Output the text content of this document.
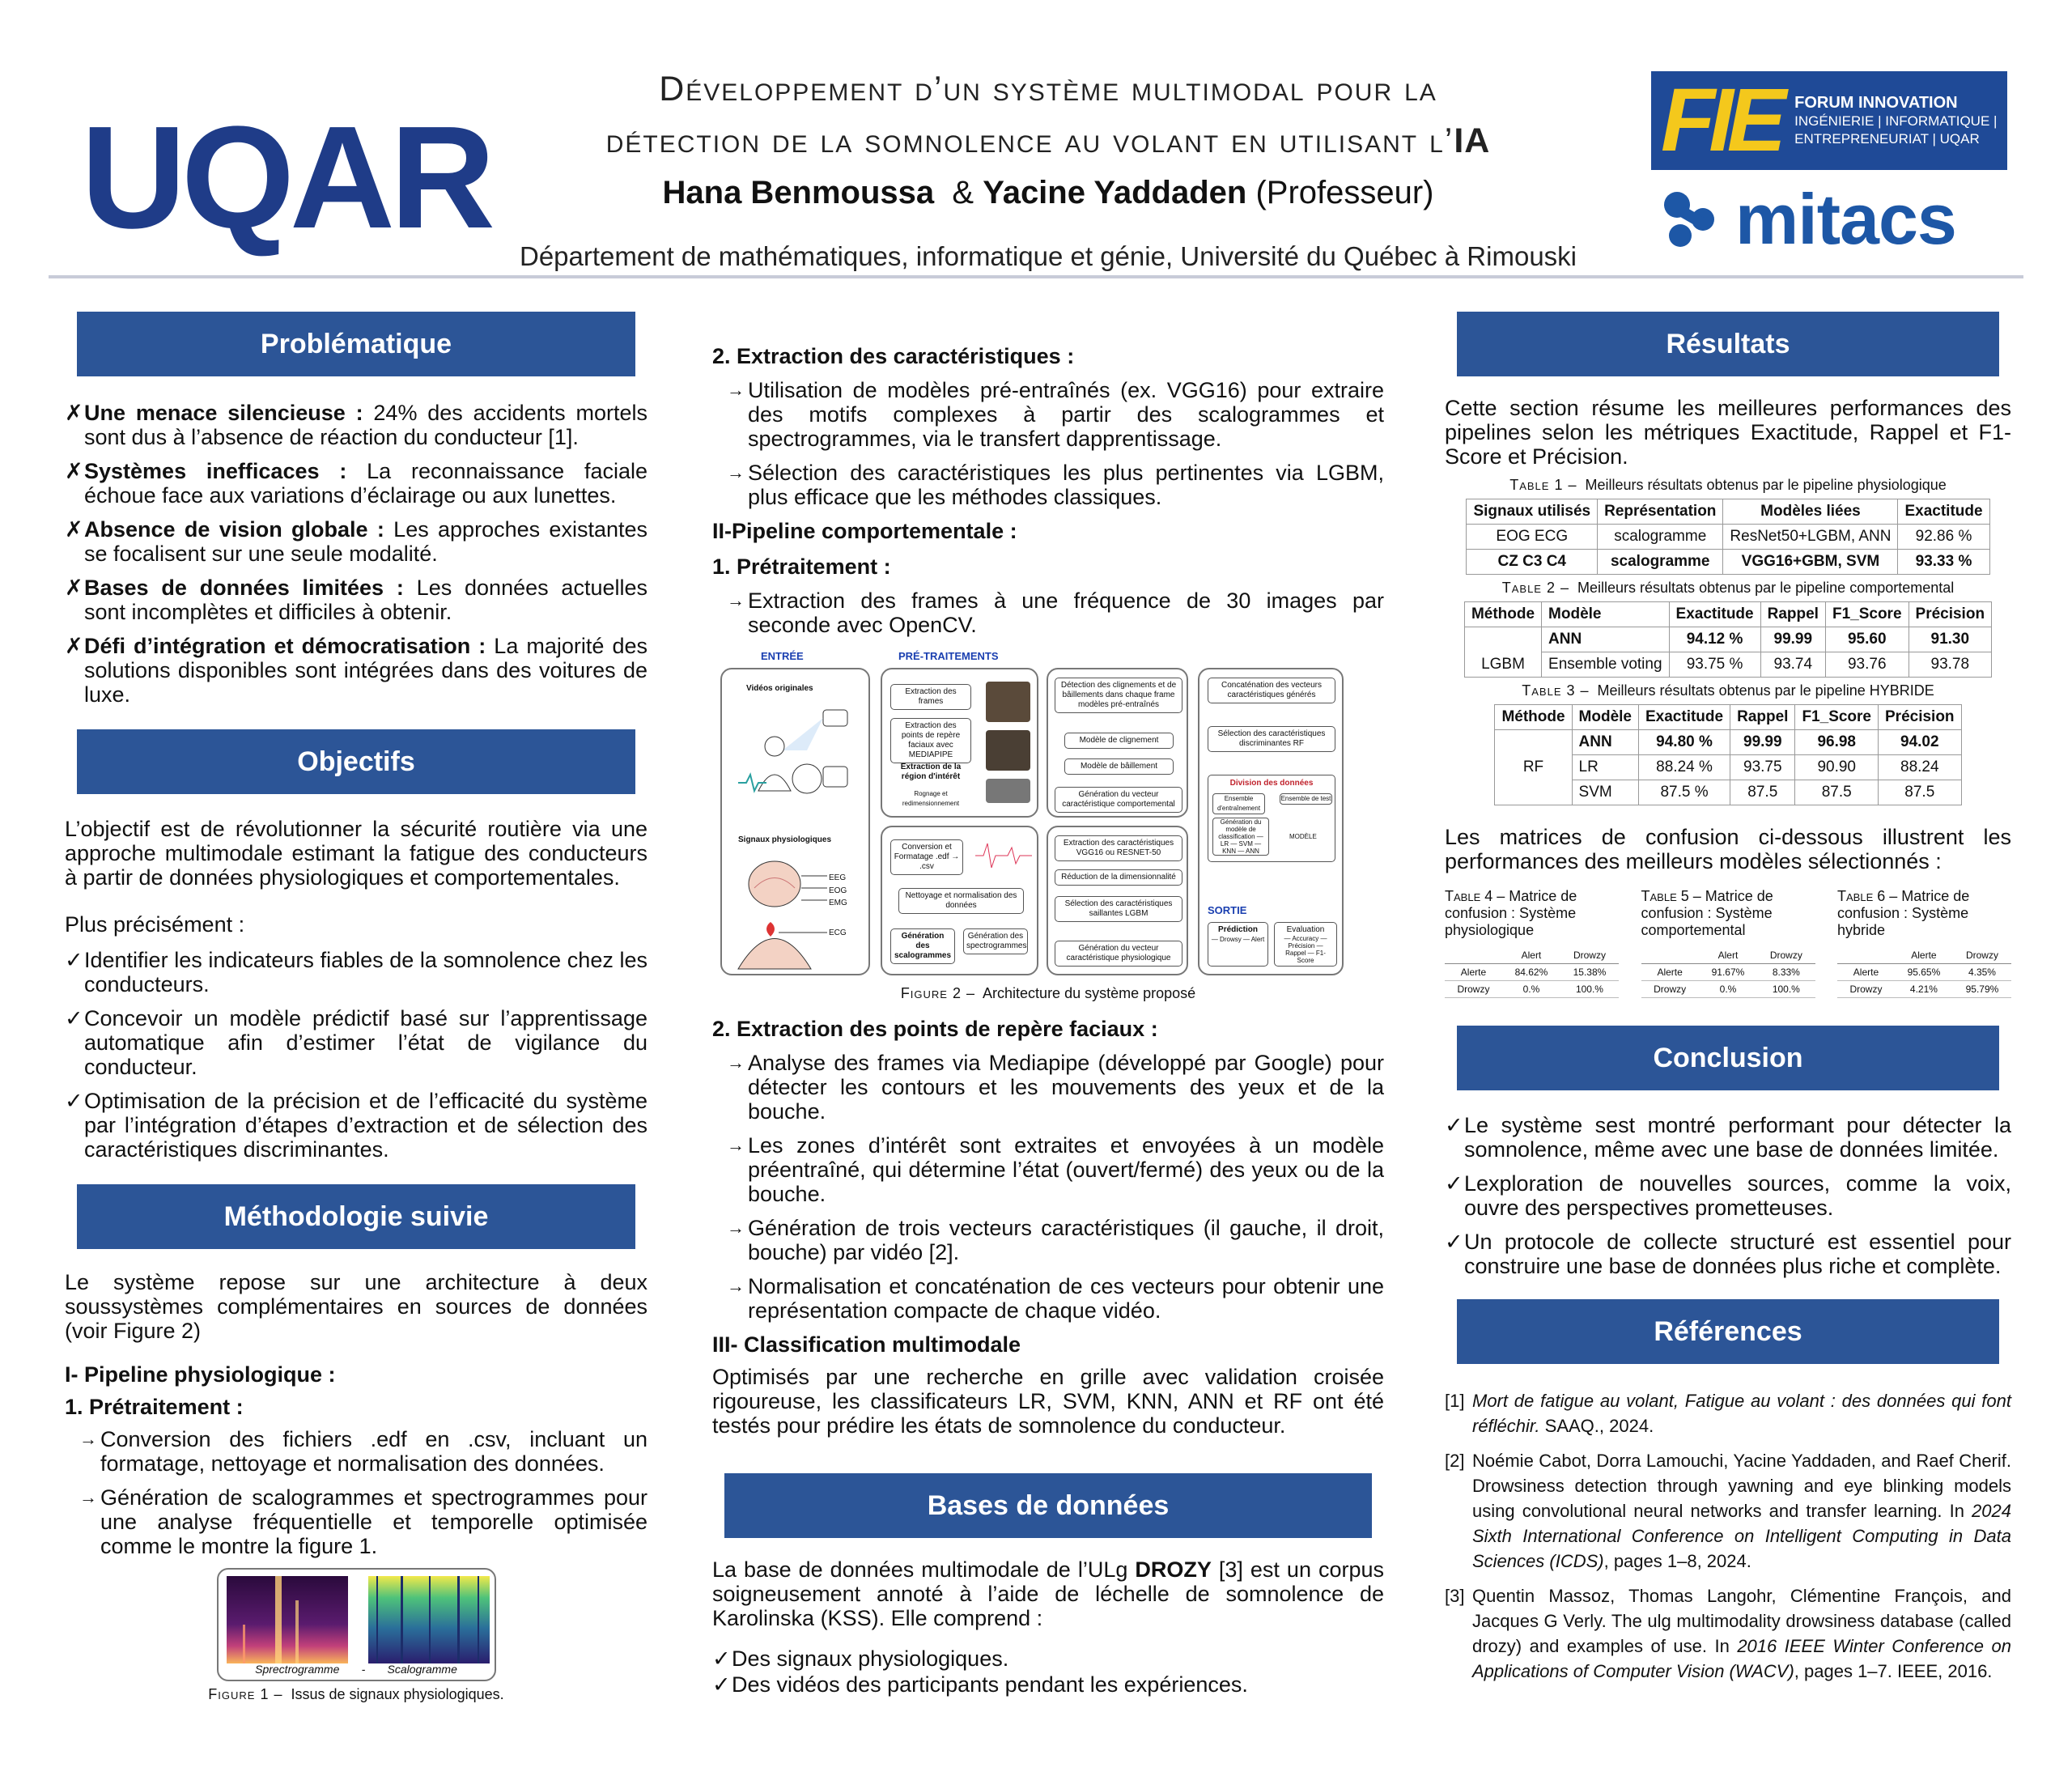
UQAR
Développement d’un système multimodal pour la
détection de la somnolence au volant en utilisant l’IA
Hana Benmoussa & Yacine Yaddaden (Professeur)
Département de mathématiques, informatique et génie, Université du Québec à Rimouski
FIE FORUM INNOVATION
INGÉNIERIE | INFORMATIQUE |
ENTREPRENEURIAT | UQAR
mitacs
Problématique
✗Une menace silencieuse : 24% des accidents mortels sont dus à l’absence de réaction du conducteur [1].
✗Systèmes inefficaces : La reconnaissance faciale échoue face aux variations d’éclairage ou aux lunettes.
✗Absence de vision globale : Les approches existantes se focalisent sur une seule modalité.
✗Bases de données limitées : Les données actuelles sont incomplètes et difficiles à obtenir.
✗Défi d’intégration et démocratisation : La majorité des solutions disponibles sont intégrées dans des voitures de luxe.
Objectifs

L’objectif est de révolutionner la sécurité routière via une approche multimodale estimant la fatigue des conducteurs à partir de données physiologiques et comportementales.

Plus précisément :

✓Identifier les indicateurs fiables de la somnolence chez les conducteurs.
✓Concevoir un modèle prédictif basé sur l’apprentissage automatique afin d’estimer l’état de vigilance du conducteur.
✓Optimisation de la précision et de l’efficacité du système par l’intégration d’étapes d’extraction et de sélection des caractéristiques discriminantes.
Méthodologie suivie

Le système repose sur une architecture à deux soussystèmes complémentaires en sources de données (voir Figure 2)

I- Pipeline physiologique :

1. Prétraitement :

→ Conversion des fichiers .edf en .csv, incluant un formatage, nettoyage et normalisation des données.
→ Génération de scalogrammes et spectrogrammes pour une analyse fréquentielle et temporelle optimisée comme le montre la figure 1.
Sprectrogramme - Scalogramme

Figure 1 – Issus de signaux physiologiques.

2. Extraction des caractéristiques :

→ Utilisation de modèles pré-entraînés (ex. VGG16) pour extraire des motifs complexes à partir des scalogrammes et spectrogrammes, via le transfert dapprentissage.
→ Sélection des caractéristiques les plus pertinentes via LGBM, plus efficace que les méthodes classiques.

II-Pipeline comportementale :

1. Prétraitement :

→ Extraction des frames à une fréquence de 30 images par seconde avec OpenCV.
ENTRÉE	PRÉ-TRAITEMENTS
Vidéos originales
Signaux physiologiques
EEG
EOG
EMG
ECG
Extraction des frames
Extraction des points de repère faciaux avec MEDIAPIPE
Extraction de la région d'intérêt
Rognage et redimensionnement
Conversion et Formatage .edf → .csv
Nettoyage et normalisation des données
Génération des scalogrammes
Génération des spectrogrammes
Détection des clignements et de bâillements dans chaque frame modèles pré-entraînés
Modèle de clignement
Modèle de bâillement
Génération du vecteur caractéristique comportemental
Extraction des caractéristiques VGG16 ou RESNET-50
Réduction de la dimensionnalité
Sélection des caractéristiques saillantes LGBM
Génération du vecteur caractéristique physiologique
Concaténation des vecteurs caractéristiques générés
Sélection des caractéristiques discriminantes RF
Division des données
Ensemble d'entraînement
Ensemble de test
Génération du modèle de classification — LR — SVM — KNN — ANN
MODÈLE
SORTIE
Prédiction
— Drowsy — Alert
Evaluation
— Accuracy — Précision — Rappel — F1-Score

Figure 2 – Architecture du système proposé

2. Extraction des points de repère faciaux :

→ Analyse des frames via Mediapipe (développé par Google) pour détecter les contours et les mouvements des yeux et de la bouche.
→ Les zones d’intérêt sont extraites et envoyées à un modèle préentraîné, qui détermine l’état (ouvert/fermé) des yeux ou de la bouche.
→ Génération de trois vecteurs caractéristiques (il gauche, il droit, bouche) par vidéo [2].
→ Normalisation et concaténation de ces vecteurs pour obtenir une représentation compacte de chaque vidéo.

III- Classification multimodale

Optimisés par une recherche en grille avec validation croisée rigoureuse, les classificateurs LR, SVM, KNN, ANN et RF ont été testés pour prédire les états de somnolence du conducteur.

Bases de données

La base de données multimodale de l’ULg DROZY [3] est un corpus soigneusement annoté à l’aide de léchelle de somnolence de Karolinska (KSS). Elle comprend :

✓Des signaux physiologiques.
✓Des vidéos des participants pendant les expériences.
Résultats

Cette section résume les meilleures performances des pipelines selon les métriques Exactitude, Rappel et F1-Score et Précision.

Table 1 – Meilleurs résultats obtenus par le pipeline physiologique

Signaux utilisés	Représentation	Modèles liées	Exactitude
EOG ECG	scalogramme	ResNet50+LGBM, ANN	92.86 %
CZ C3 C4	scalogramme	VGG16+GBM, SVM	93.33 %

Table 2 – Meilleurs résultats obtenus par le pipeline comportemental

Méthode	Modèle	Exactitude	Rappel	F1_Score	Précision
LGBM	ANN	94.12 %	99.99	95.60	91.30
	Ensemble voting	93.75 %	93.74	93.76	93.78

Table 3 – Meilleurs résultats obtenus par le pipeline HYBRIDE

Méthode	Modèle	Exactitude	Rappel	F1_Score	Précision
RF	ANN	94.80 %	99.99	96.98	94.02
	LR	88.24 %	93.75	90.90	88.24
	SVM	87.5 %	87.5	87.5	87.5

Les matrices de confusion ci-dessous illustrent les performances des meilleurs modèles sélectionnés :

Table 4 – Matrice de confusion : Système physiologique

	Alert	Drowzy
Alerte	84.62%	15.38%
Drowzy	0.%	100.%

Table 5 – Matrice de confusion : Système comportemental

	Alert	Drowzy
Alerte	91.67%	8.33%
Drowzy	0.%	100.%

Table 6 – Matrice de confusion : Système hybride

	Alerte	Drowzy
Alerte	95.65%	4.35%
Drowzy	4.21%	95.79%
Conclusion
✓Le système sest montré performant pour détecter la somnolence, même avec une base de données limitée.
✓Lexploration de nouvelles sources, comme la voix, ouvre des perspectives prometteuses.
✓Un protocole de collecte structuré est essentiel pour construire une base de données plus riche et complète.
Références
[1] Mort de fatigue au volant, Fatigue au volant : des données qui font réfléchir. SAAQ., 2024.
[2] Noémie Cabot, Dorra Lamouchi, Yacine Yaddaden, and Raef Cherif. Drowsiness detection through yawning and eye blinking models using convolutional neural networks and transfer learning. In 2024 Sixth International Conference on Intelligent Computing in Data Sciences (ICDS), pages 1–8, 2024.
[3] Quentin Massoz, Thomas Langohr, Clémentine François, and Jacques G Verly. The ulg multimodality drowsiness database (called drozy) and examples of use. In 2016 IEEE Winter Conference on Applications of Computer Vision (WACV), pages 1–7. IEEE, 2016.
